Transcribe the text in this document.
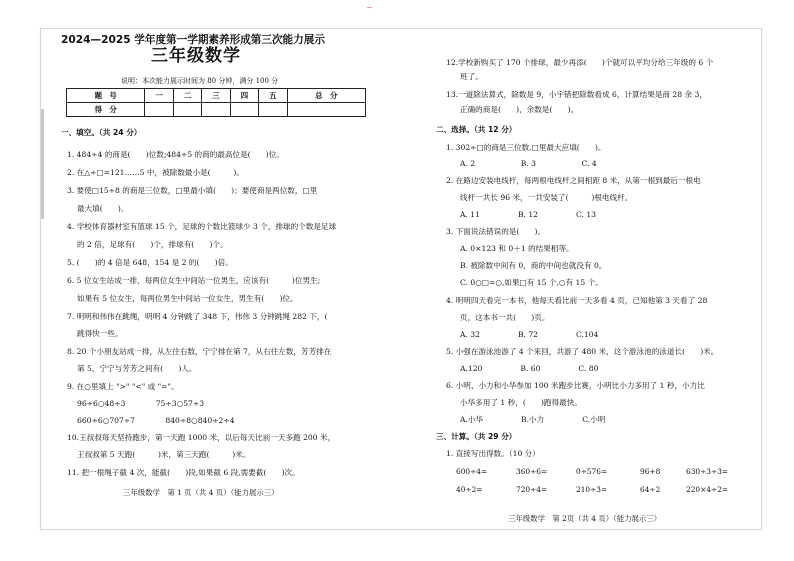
~
2024—2025 学年度第一学期素养形成第三次能力展示
三年级数学
说明：本次能力展示时间为 80 分钟，满分 100 分
题　号	一	二	三	四	五	总　分
得　分						
一、填空。（共 24 分）
1. 484÷4 的商是(　　)位数;484÷5 的商的最高位是(　　)位。
2. 在△÷□=121……5 中，被除数最小是(　　　)。
3. 要使□15÷8 的商是三位数，□里最小填(　　)；要使商是两位数，□里
最大填(　　)。
4. 学校体育器材室有篮球 15 个，足球的个数比篮球少 3 个，排球的个数是足球
的 2 倍，足球有(　　)个，排球有(　　)个。
5. (　　)的 4 倍是 648，154 是 2 的(　　)倍。
6. 5 位女生站成一排，每两位女生中间站一位男生，应该有(　　　)位男生;
如果有 5 位女生，每两位男生中间站一位女生，男生有(　　)位。
7. 明明和伟伟在跳绳，明明 4 分钟跳了 348 下，伟伟 3 分钟跳绳 282 下，(
跳得快一些。
8. 20 个小朋友站成一排，从左往右数，宁宁排在第 7，从右往左数，芳芳排在
第 5，宁宁与芳芳之间有(　　)人。
9. 在○里填上 ">" "<" 或 "="。
96÷6○48÷3　　　　75÷3○57÷3
660÷6○707÷7　　　　840÷8○840÷2÷4
10.王叔叔每天坚持跑步，第一天跑 1000 米，以后每天比前一天多跑 200 米，
王叔叔第 5 天跑(　　　)米，第三天跑(　　　)米。
11. 把一根绳子截 4 次，能截(　　)段,如果截 6 段,需要截(　　)次。
三年级数学　第 1 页（共 4 页）（能力展示三）
12.学校新购买了 170 个排球，最少再添(　　)个就可以平均分给三年级的 6 个
班了。
13.一道除法算式，除数是 9，小宇错把除数看成 6，计算结果是商 28 余 3，
正确的商是(　　)，余数是(　　)。
二、选择。（共 12 分）
1. 302÷□的商是三位数,□里最大应填(　　)。
A. 2　　　　　　B. 3　　　　　　C. 4
2. 在路边安装电线杆，每两根电线杆之间相距 8 米，从第一根到最后一根电
线杆一共长 96 米，一共安装了(　　　)根电线杆。
A. 11　　　　　B. 12　　　　　C. 13
3. 下面说法错误的是(　　)。
A. 0×123 和 0＋1 的结果相等。
B. 被除数中间有 0，商的中间也就没有 0。
C. 0○□=○,如果□有 15 个,○有 15 个。
4. 明明四天看完一本书，他每天看比前一天多看 4 页，已知他第 3 天看了 28
页，这本书一共(　　)页。
A. 32　　　　　B. 72　　　　　C.104
5. 小强在游泳池游了 4 个来回，共游了 480 米，这个游泳池的泳道长(　　)米。
A.120　　　　　B. 60　　　　　C. 80
6. 小明、小力和小华参加 100 米跑步比赛，小明比小力多用了 1 秒，小力比
小华多用了 1 秒，(　　)跑得最快。
A.小华　　　　　B.小力　　　　　C.小明
三、计算。（共 29 分）
1. 直接写出得数。（10 分）
600÷4=	360÷6=	0÷576=	96+8	630÷3÷3=
40÷2=	720÷4=	210÷3=	64÷2	220×4÷2=
三年级数学　第 2页（共 4 页）（能力展示三）
